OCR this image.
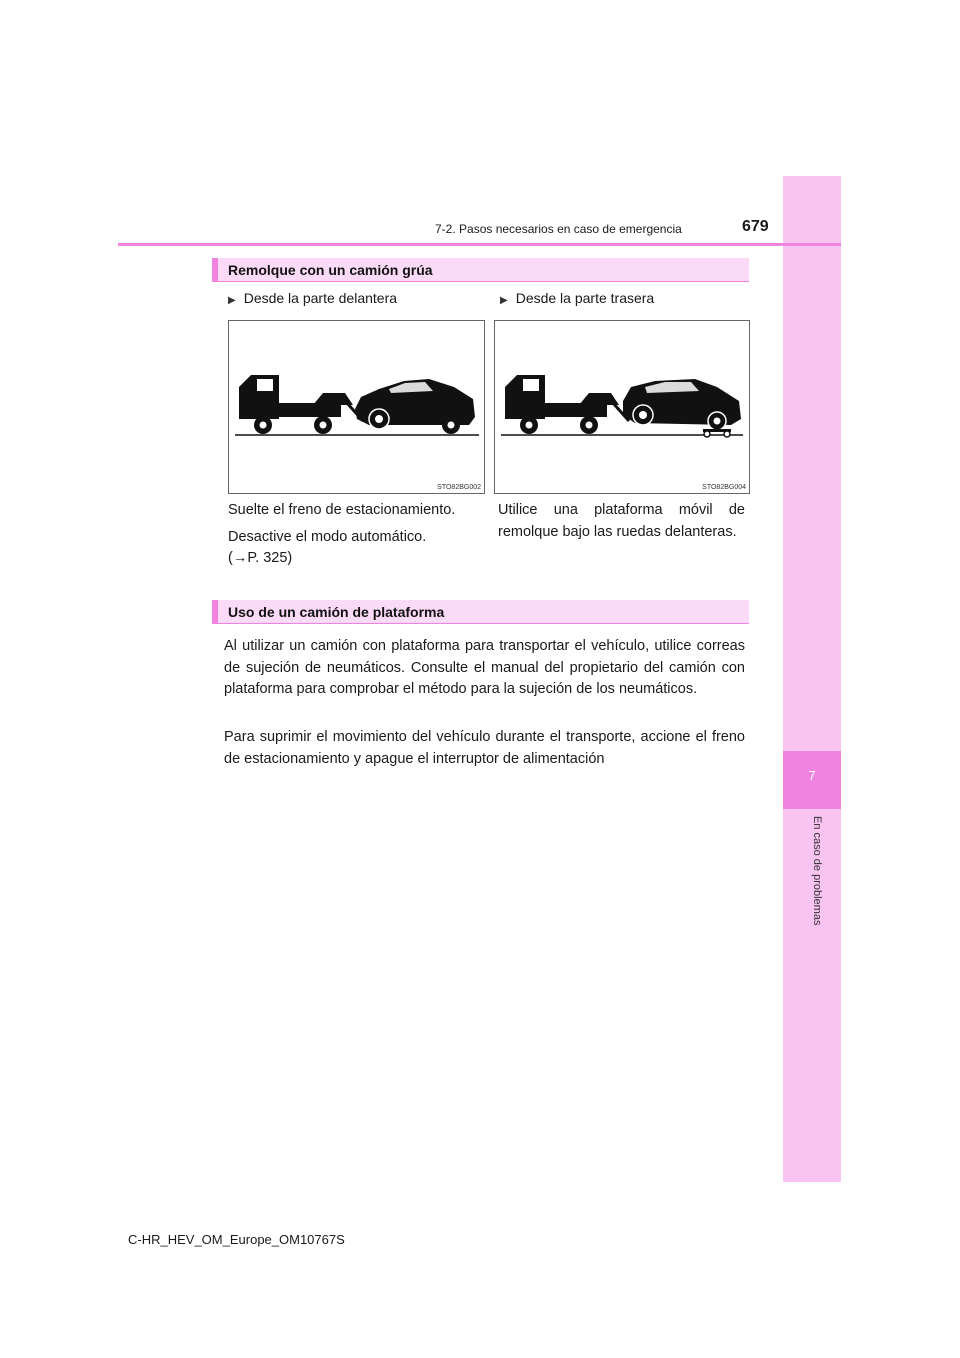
7
En caso de problemas
7-2. Pasos necesarios en caso de emergencia	679
Remolque con un camión grúa
▶ Desde la parte delantera	▶ Desde la parte trasera
STO82BG002	STO82BG004
Suelte el freno de estacionamiento.
Desactive el modo automático.
(→P. 325)
Utilice una plataforma móvil de remolque bajo las ruedas delanteras.
Uso de un camión de plataforma
Al utilizar un camión con plataforma para transportar el vehículo, utilice correas de sujeción de neumáticos. Consulte el manual del propietario del camión con plataforma para comprobar el método para la sujeción de los neumáticos.
Para suprimir el movimiento del vehículo durante el transporte, accione el freno de estacionamiento y apague el interruptor de alimentación
C-HR_HEV_OM_Europe_OM10767S
